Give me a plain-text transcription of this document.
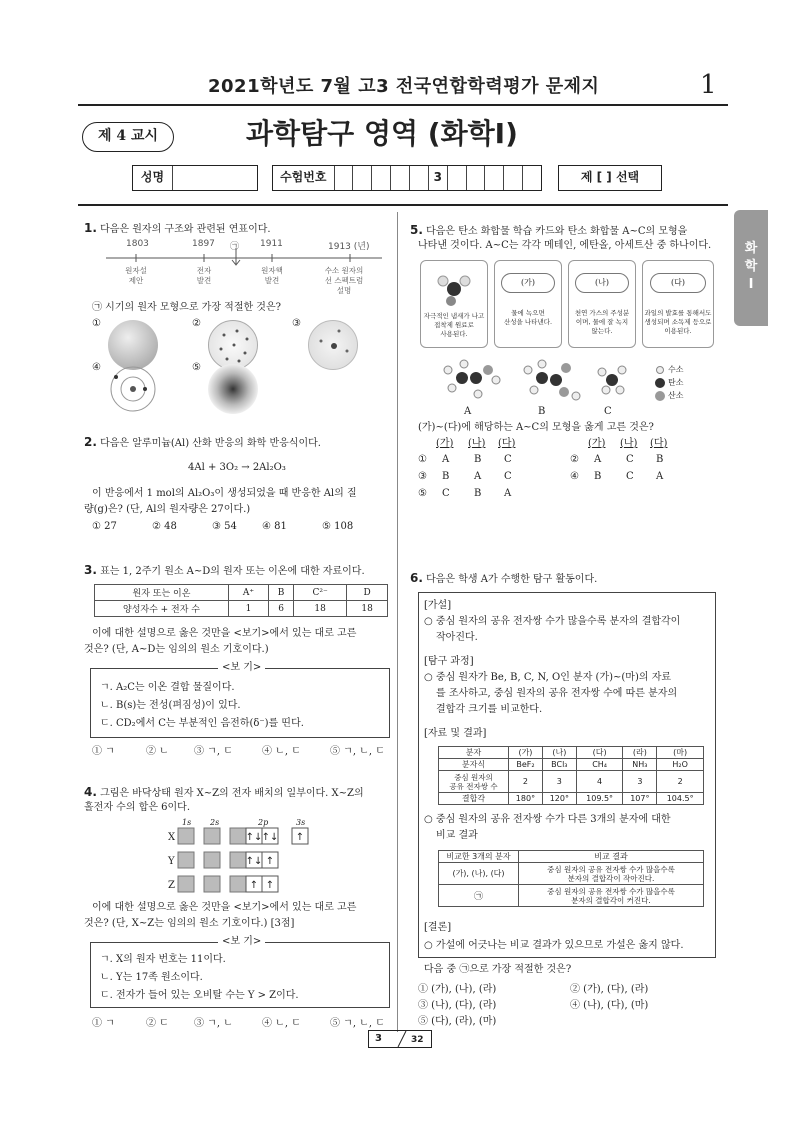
2021학년도 7월 고3 전국연합학력평가 문제지	1
제 4 교시	과학탐구 영역 (화학Ⅰ)
성명	수험번호	3	제 [ ] 선택
화학Ⅰ
1. 다음은 원자의 구조와 관련된 연표이다.
1803	1897 ㉠ 1911	1913 (년)
원자설
제안
전자
발견
원자핵
발견
수소 원자의
선 스펙트럼
설명
㉠ 시기의 원자 모형으로 가장 적절한 것은?
①	②	③
④	⑤
2. 다음은 알루미늄(Al) 산화 반응의 화학 반응식이다.
4Al + 3O₂ → 2Al₂O₃
이 반응에서 1 mol의 Al₂O₃이 생성되었을 때 반응한 Al의 질
량(g)은? (단, Al의 원자량은 27이다.)
① 27	② 48	③ 54	④ 81	⑤ 108
3. 표는 1, 2주기 원소 A~D의 원자 또는 이온에 대한 자료이다.
원자 또는 이온	A⁺	B	C²⁻	D
양성자수 + 전자 수	1	6	18	18
이에 대한 설명으로 옳은 것만을 <보기>에서 있는 대로 고른
것은? (단, A~D는 임의의 원소 기호이다.)
<보 기>
ㄱ. A₂C는 이온 결합 물질이다.
ㄴ. B(s)는 전성(펴짐성)이 있다.
ㄷ. CD₂에서 C는 부분적인 음전하(δ⁻)를 띤다.
① ㄱ	② ㄴ	③ ㄱ, ㄷ	④ ㄴ, ㄷ	⑤ ㄱ, ㄴ, ㄷ
4. 그림은 바닥상태 원자 X~Z의 전자 배치의 일부이다. X~Z의
홀전자 수의 합은 6이다.
1s 2s	2p	3s
X
Y
Z
↑↓ ↑↓ ↑
↑↓ ↑
↑ ↑
이에 대한 설명으로 옳은 것만을 <보기>에서 있는 대로 고른
것은? (단, X~Z는 임의의 원소 기호이다.) [3점]
<보 기>
ㄱ. X의 원자 번호는 11이다.
ㄴ. Y는 17족 원소이다.
ㄷ. 전자가 들어 있는 오비탈 수는 Y > Z이다.
① ㄱ	② ㄷ	③ ㄱ, ㄴ	④ ㄴ, ㄷ	⑤ ㄱ, ㄴ, ㄷ
5. 다음은 탄소 화합물 학습 카드와 탄소 화합물 A~C의 모형을
나타낸 것이다. A~C는 각각 메테인, 에탄올, 아세트산 중 하나이다.
자극적인 냄새가 나고
접착제 원료로
사용된다.
(가)
물에 녹으면
산성을 나타낸다.
(나)
천연 가스의 주성분
이며, 물에 잘 녹지
않는다.
(다)
과일의 발효를 통해서도
생성되며 소독제 등으로
이용된다.
수소
탄소
산소
A	B	C
(가)~(다)에 해당하는 A~C의 모형을 옳게 고른 것은?
(가) (나) (다)	(가) (나) (다)
① A B C	② A C B
③ B A C	④ B C A
⑤ C B A
6. 다음은 학생 A가 수행한 탐구 활동이다.
[가설]
○ 중심 원자의 공유 전자쌍 수가 많을수록 분자의 결합각이
작아진다.
[탐구 과정]
○ 중심 원자가 Be, B, C, N, O인 분자 (가)~(마)의 자료
를 조사하고, 중심 원자의 공유 전자쌍 수에 따른 분자의
결합각 크기를 비교한다.
[자료 및 결과]
분자	(가)	(나)	(다)	(라)	(마)
분자식	BeF₂	BCl₃	CH₄	NH₃	H₂O
중심 원자의
공유 전자쌍 수	2	3	4	3	2
결합각	180°	120°	109.5°	107°	104.5°
○ 중심 원자의 공유 전자쌍 수가 다른 3개의 분자에 대한
비교 결과
비교한 3개의 분자	비교 결과
(가), (나), (다)	중심 원자의 공유 전자쌍 수가 많을수록
분자의 결합각이 작아진다.
㉠	중심 원자의 공유 전자쌍 수가 많을수록
분자의 결합각이 커진다.
[결론]
○ 가설에 어긋나는 비교 결과가 있으므로 가설은 옳지 않다.
다음 중 ㉠으로 가장 적절한 것은?
① (가), (나), (라)	② (가), (다), (라)
③ (나), (다), (라)	④ (나), (다), (마)
⑤ (다), (라), (마)
3	32
